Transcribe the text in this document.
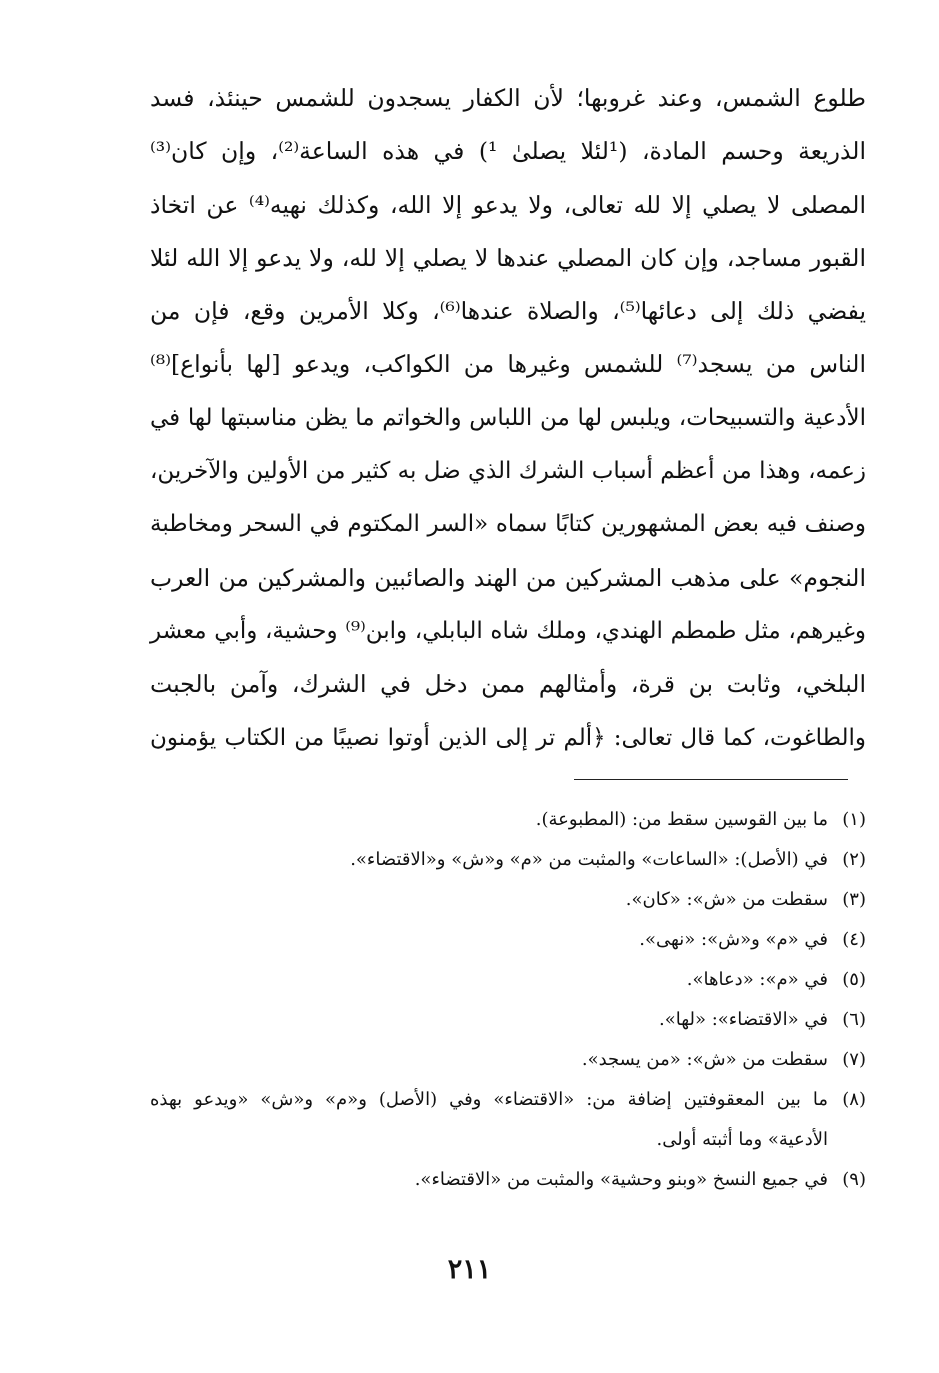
طلوع الشمس، وعند غروبها؛ لأن الكفار يسجدون للشمس حينئذ، فسد
الذريعة وحسم المادة، (¹لئلا يصلىٰ ¹) في هذه الساعة⁽²⁾، وإن كان⁽³⁾
المصلى لا يصلي إلا لله تعالى، ولا يدعو إلا الله، وكذلك نهيه⁽⁴⁾ عن اتخاذ
القبور مساجد، وإن كان المصلي عندها لا يصلي إلا لله، ولا يدعو إلا الله لئلا
يفضي ذلك إلى دعائها⁽⁵⁾، والصلاة عندها⁽⁶⁾، وكلا الأمرين وقع، فإن من
الناس من يسجد⁽⁷⁾ للشمس وغيرها من الكواكب، ويدعو [لها بأنواع]⁽⁸⁾
الأدعية والتسبيحات، ويلبس لها من اللباس والخواتم ما يظن مناسبتها لها في
زعمه، وهذا من أعظم أسباب الشرك الذي ضل به كثير من الأولين والآخرين،
وصنف فيه بعض المشهورين كتابًا سماه «السر المكتوم في السحر ومخاطبة
النجوم» على مذهب المشركين من الهند والصائبين والمشركين من العرب
وغيرهم، مثل طمطم الهندي، وملك شاه البابلي، وابن⁽⁹⁾ وحشية، وأبي معشر
البلخي، وثابت بن قرة، وأمثالهم ممن دخل في الشرك، وآمن بالجبت
والطاغوت، كما قال تعالى: ﴿ألم تر إلى الذين أوتوا نصيبًا من الكتاب يؤمنون
(١)
ما بين القوسين سقط من: (المطبوعة).
(٢)
في (الأصل): «الساعات» والمثبت من «م» و«ش» و«الاقتضاء».
(٣)
سقطت من «ش»: «كان».
(٤)
في «م» و«ش»: «نهى».
(٥)
في «م»: «دعاها».
(٦)
في «الاقتضاء»: «لها».
(٧)
سقطت من «ش»: «من يسجد».
(٨)
ما بين المعقوفتين إضافة من: «الاقتضاء» وفي (الأصل) و«م» و«ش» «ويدعو بهذه
الأدعية» وما أثبته أولى.
(٩)
في جميع النسخ «وبنو وحشية» والمثبت من «الاقتضاء».
٢١١
